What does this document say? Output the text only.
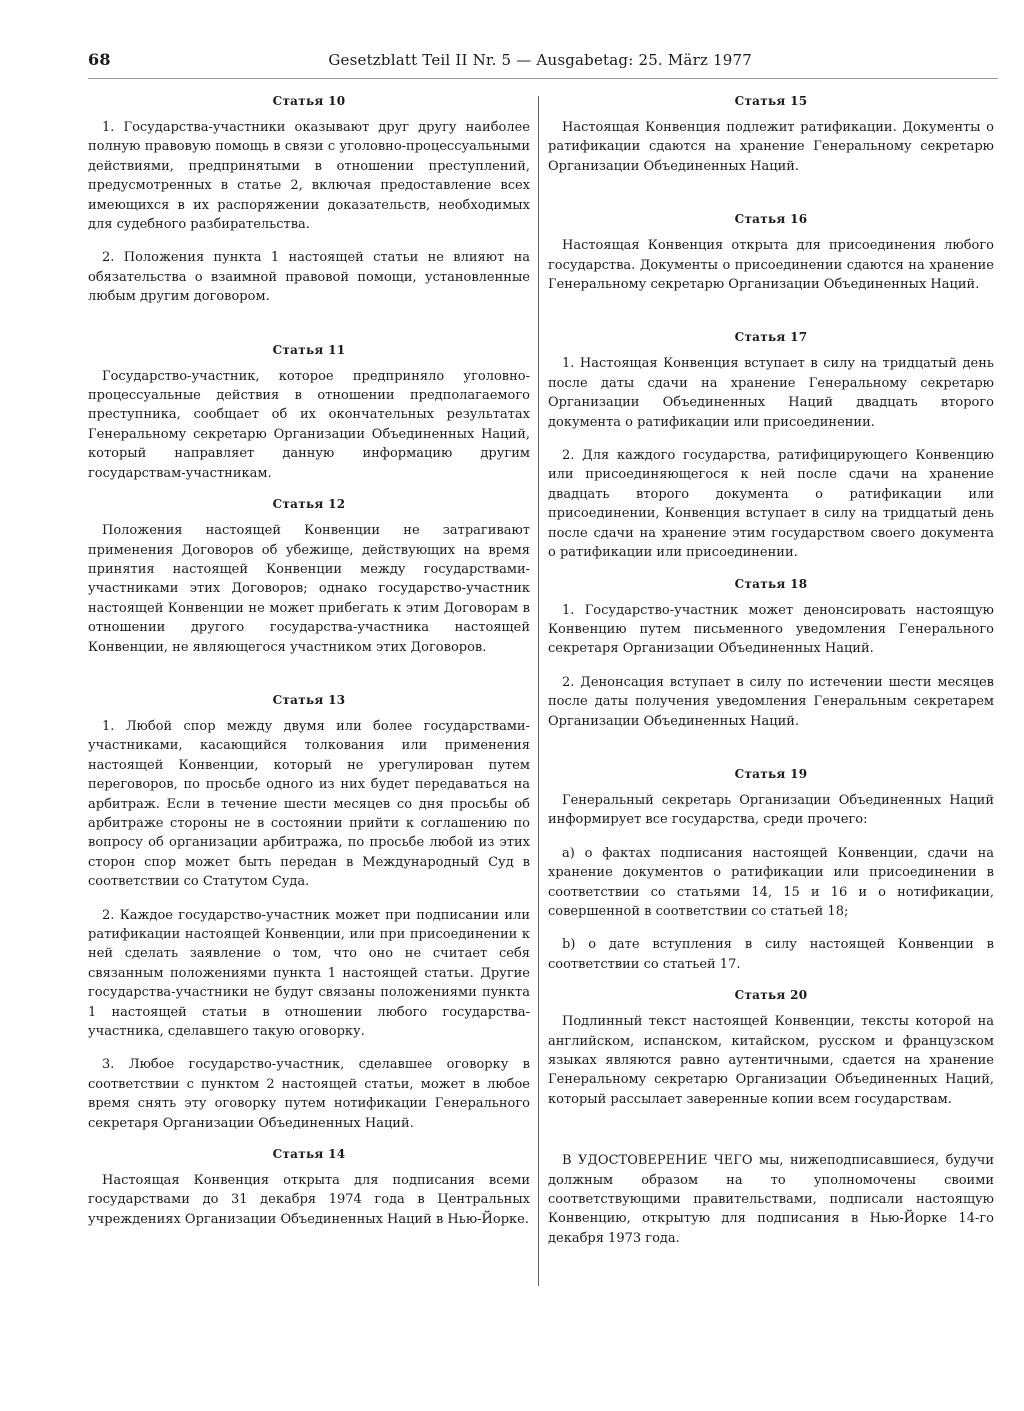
68	Gesetzblatt Teil II Nr. 5 — Ausgabetag: 25. März 1977
Статья 10

1. Государства-участники оказывают друг другу наиболее полную правовую помощь в связи с уголовно-процессуальными действиями, предпринятыми в отношении преступлений, предусмотренных в статье 2, включая предоставление всех имеющихся в их распоряжении доказательств, необходимых для судебного разбирательства.

2. Положения пункта 1 настоящей статьи не влияют на обязательства о взаимной правовой помощи, установленные любым другим договором.

Статья 11

Государство-участник, которое предприняло уголовно-процессуальные действия в отношении предполагаемого преступника, сообщает об их окончательных результатах Генеральному секретарю Организации Объединенных Наций, который направляет данную информацию другим государствам-участникам.

Статья 12

Положения настоящей Конвенции не затрагивают применения Договоров об убежище, действующих на время принятия настоящей Конвенции между государствами-участниками этих Договоров; однако государство-участник настоящей Конвенции не может прибегать к этим Договорам в отношении другого государства-участника настоящей Конвенции, не являющегося участником этих Договоров.

Статья 13

1. Любой спор между двумя или более государствами-участниками, касающийся толкования или применения настоящей Конвенции, который не урегулирован путем переговоров, по просьбе одного из них будет передаваться на арбитраж. Если в течение шести месяцев со дня просьбы об арбитраже стороны не в состоянии прийти к соглашению по вопросу об организации арбитража, по просьбе любой из этих сторон спор может быть передан в Международный Суд в соответствии со Статутом Суда.

2. Каждое государство-участник может при подписании или ратификации настоящей Конвенции, или при присоединении к ней сделать заявление о том, что оно не считает себя связанным положениями пункта 1 настоящей статьи. Другие государства-участники не будут связаны положениями пункта 1 настоящей статьи в отношении любого государства-участника, сделавшего такую оговорку.

3. Любое государство-участник, сделавшее оговорку в соответствии с пунктом 2 настоящей статьи, может в любое время снять эту оговорку путем нотификации Генерального секретаря Организации Объединенных Наций.

Статья 14

Настоящая Конвенция открыта для подписания всеми государствами до 31 декабря 1974 года в Центральных учреждениях Организации Объединенных Наций в Нью-Йорке.

Статья 15

Настоящая Конвенция подлежит ратификации. Документы о ратификации сдаются на хранение Генеральному секретарю Организации Объединенных Наций.

Статья 16

Настоящая Конвенция открыта для присоединения любого государства. Документы о присоединении сдаются на хранение Генеральному секретарю Организации Объединенных Наций.

Статья 17

1. Настоящая Конвенция вступает в силу на тридцатый день после даты сдачи на хранение Генеральному секретарю Организации Объединенных Наций двадцать второго документа о ратификации или присоединении.

2. Для каждого государства, ратифицирующего Конвенцию или присоединяющегося к ней после сдачи на хранение двадцать второго документа о ратификации или присоединении, Конвенция вступает в силу на тридцатый день после сдачи на хранение этим государством своего документа о ратификации или присоединении.

Статья 18

1. Государство-участник может денонсировать настоящую Конвенцию путем письменного уведомления Генерального секретаря Организации Объединенных Наций.

2. Денонсация вступает в силу по истечении шести месяцев после даты получения уведомления Генеральным секретарем Организации Объединенных Наций.

Статья 19

Генеральный секретарь Организации Объединенных Наций информирует все государства, среди прочего:

a) о фактах подписания настоящей Конвенции, сдачи на хранение документов о ратификации или присоединении в соответствии со статьями 14, 15 и 16 и о нотификации, совершенной в соответствии со статьей 18;

b) о дате вступления в силу настоящей Конвенции в соответствии со статьей 17.

Статья 20

Подлинный текст настоящей Конвенции, тексты которой на английском, испанском, китайском, русском и французском языках являются равно аутентичными, сдается на хранение Генеральному секретарю Организации Объединенных Наций, который рассылает заверенные копии всем государствам.

В УДОСТОВЕРЕНИЕ ЧЕГО мы, нижеподписавшиеся, будучи должным образом на то уполномочены своими соответствующими правительствами, подписали настоящую Конвенцию, открытую для подписания в Нью-Йорке 14-го декабря 1973 года.
